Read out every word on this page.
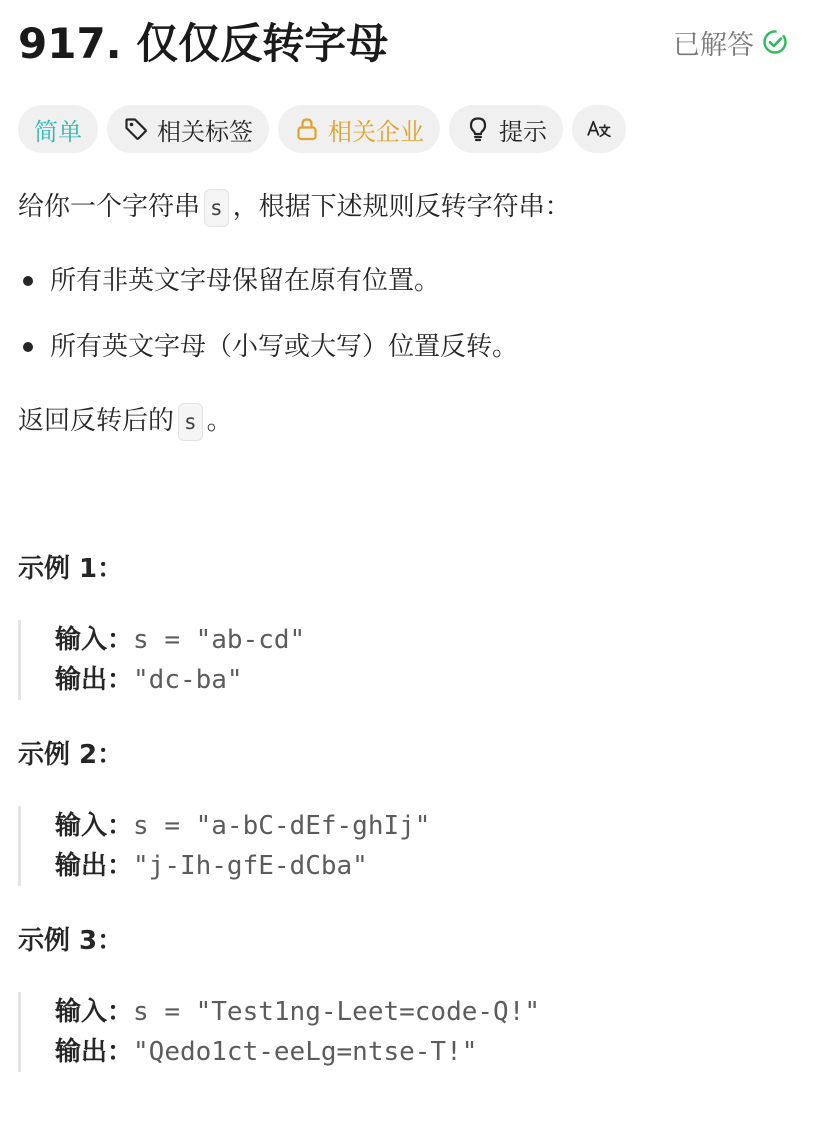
917. 仅仅反转字母	已解答
简单	相关标签	相关企业	提示
给你一个字符串 s ，根据下述规则反转字符串：
所有非英文字母保留在原有位置。
所有英文字母（小写或大写）位置反转。
返回反转后的 s 。
示例 1：
输入：s = "ab-cd"
输出："dc-ba"
示例 2：
输入：s = "a-bC-dEf-ghIj"
输出："j-Ih-gfE-dCba"
示例 3：
输入：s = "Test1ng-Leet=code-Q!"
输出："Qedo1ct-eeLg=ntse-T!"
